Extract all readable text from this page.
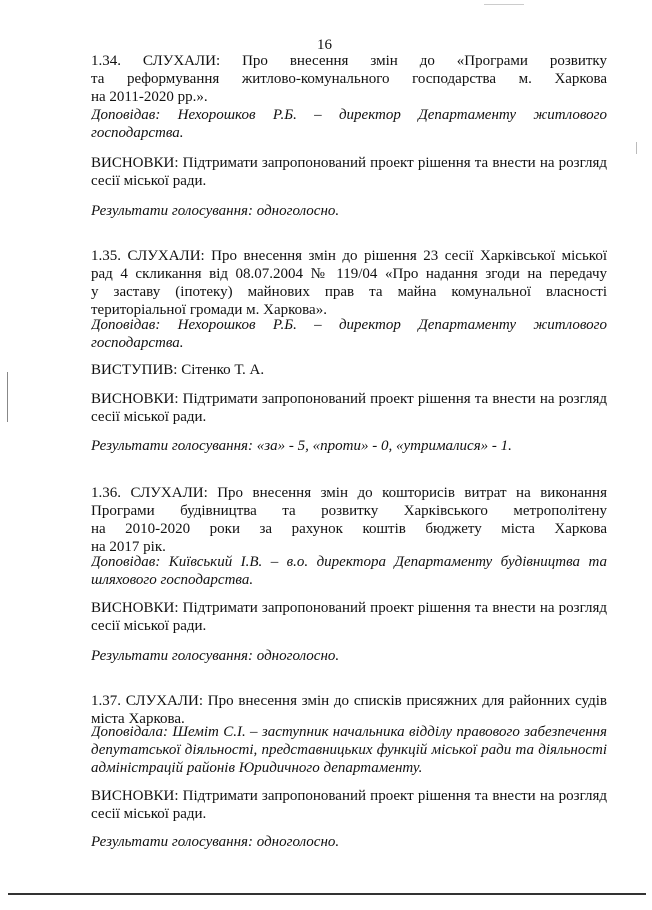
16
1.34. СЛУХАЛИ: Про внесення змін до «Програми розвитку
та реформування житлово-комунального господарства м. Харкова
на 2011-2020 рр.».
Доповідав: Нехорошков Р.Б. – директор Департаменту житлового
господарства.
ВИСНОВКИ: Підтримати запропонований проект рішення та внести на розгляд
сесії міської ради.
Результати голосування: одноголосно.
1.35. СЛУХАЛИ: Про внесення змін до рішення 23 сесії Харківської міської
рад 4 скликання від 08.07.2004 № 119/04 «Про надання згоди на передачу
у заставу (іпотеку) майнових прав та майна комунальної власності
територіальної громади м. Харкова».
Доповідав: Нехорошков Р.Б. – директор Департаменту житлового
господарства.
ВИСТУПИВ: Сітенко Т. А.
ВИСНОВКИ: Підтримати запропонований проект рішення та внести на розгляд
сесії міської ради.
Результати голосування: «за» - 5, «проти» - 0, «утрималися» - 1.
1.36. СЛУХАЛИ: Про внесення змін до кошторисів витрат на виконання
Програми будівництва та розвитку Харківського метрополітену
на 2010-2020 роки за рахунок коштів бюджету міста Харкова
на 2017 рік.
Доповідав: Київський І.В. – в.о. директора Департаменту будівництва та
шляхового господарства.
ВИСНОВКИ: Підтримати запропонований проект рішення та внести на розгляд
сесії міської ради.
Результати голосування: одноголосно.
1.37. СЛУХАЛИ: Про внесення змін до списків присяжних для районних судів
міста Харкова.
Доповідала: Шеміт С.І. – заступник начальника відділу правового забезпечення
депутатської діяльності, представницьких функцій міської ради та діяльності
адміністрацій районів Юридичного департаменту.
ВИСНОВКИ: Підтримати запропонований проект рішення та внести на розгляд
сесії міської ради.
Результати голосування: одноголосно.
